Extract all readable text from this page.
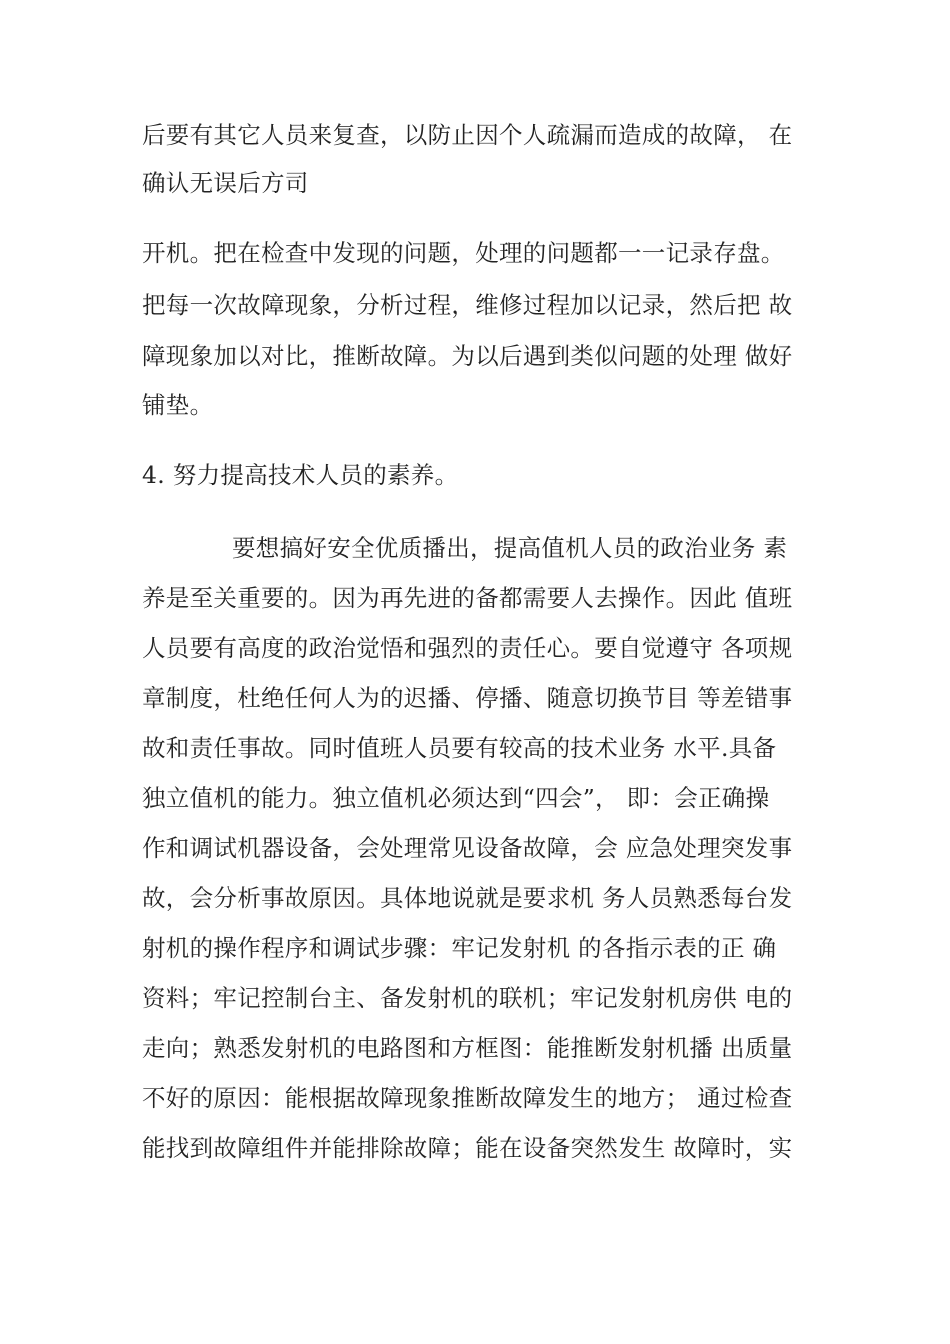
后要有其它人员来复查，以防止因个人疏漏而造成的故障， 在
确认无误后方司
开机。把在检查中发现的问题，处理的问题都一一记录存盘。
把每一次故障现象，分析过程，维修过程加以记录，然后把 故
障现象加以对比，推断故障。为以后遇到类似问题的处理 做好
铺垫。
4. 努力提高技术人员的素养。
要想搞好安全优质播出，提高值机人员的政治业务 素
养是至关重要的。因为再先进的备都需要人去操作。因此 值班
人员要有高度的政治觉悟和强烈的责任心。要自觉遵守 各项规
章制度，杜绝任何人为的迟播、停播、随意切换节目 等差错事
故和责任事故。同时值班人员要有较高的技术业务 水平.具备
独立值机的能力。独立值机必须达到“四会”， 即：会正确操
作和调试机器设备，会处理常见设备故障，会 应急处理突发事
故，会分析事故原因。具体地说就是要求机 务人员熟悉每台发
射机的操作程序和调试步骤：牢记发射机 的各指示表的正 确
资料；牢记控制台主、备发射机的联机；牢记发射机房供 电的
走向；熟悉发射机的电路图和方框图：能推断发射机播 出质量
不好的原因：能根据故障现象推断故障发生的地方； 通过检查
能找到故障组件并能排除故障；能在设备突然发生 故障时，实
